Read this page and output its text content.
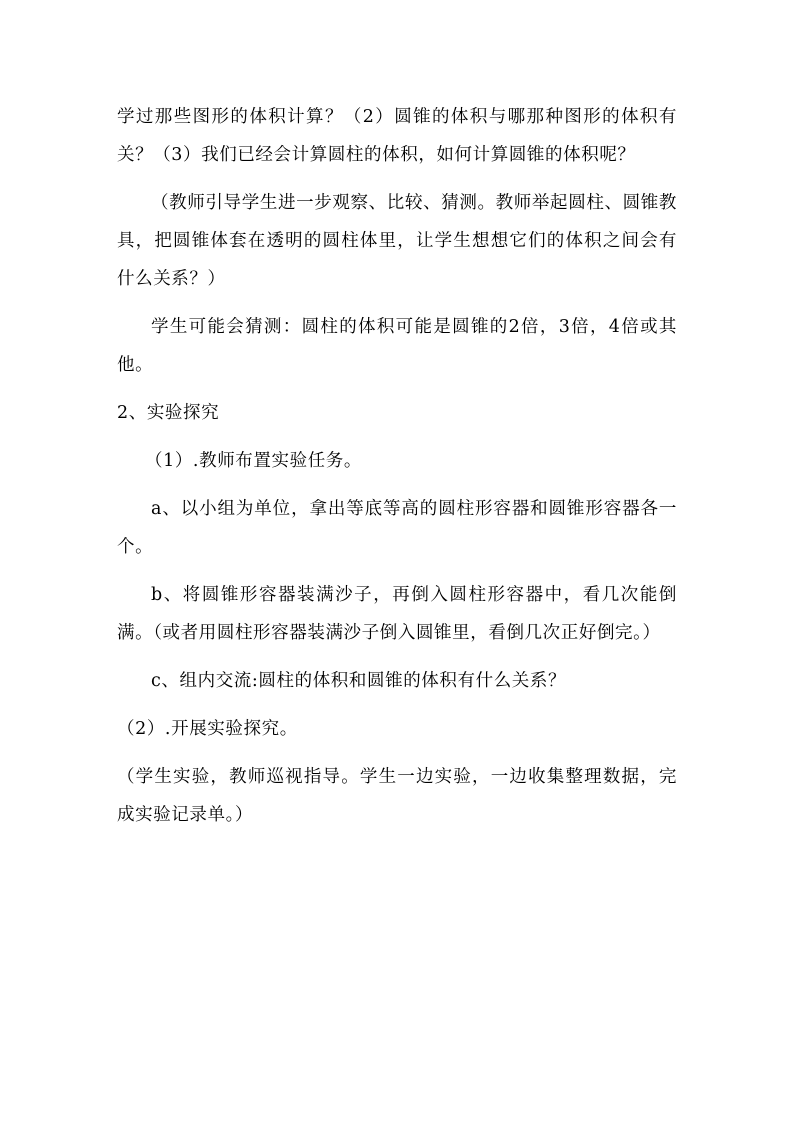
学过那些图形的体积计算？（2）圆锥的体积与哪那种图形的体积有关？（3）我们已经会计算圆柱的体积，如何计算圆锥的体积呢？

（教师引导学生进一步观察、比较、猜测。教师举起圆柱、圆锥教具，把圆锥体套在透明的圆柱体里，让学生想想它们的体积之间会有什么关系？）

学生可能会猜测：圆柱的体积可能是圆锥的2倍，3倍，4倍或其他。

2、实验探究

（1）.教师布置实验任务。

a、以小组为单位，拿出等底等高的圆柱形容器和圆锥形容器各一个。

b、将圆锥形容器装满沙子，再倒入圆柱形容器中，看几次能倒满。（或者用圆柱形容器装满沙子倒入圆锥里，看倒几次正好倒完。）

c、组内交流:圆柱的体积和圆锥的体积有什么关系？

（2）.开展实验探究。

（学生实验，教师巡视指导。学生一边实验，一边收集整理数据，完成实验记录单。）
